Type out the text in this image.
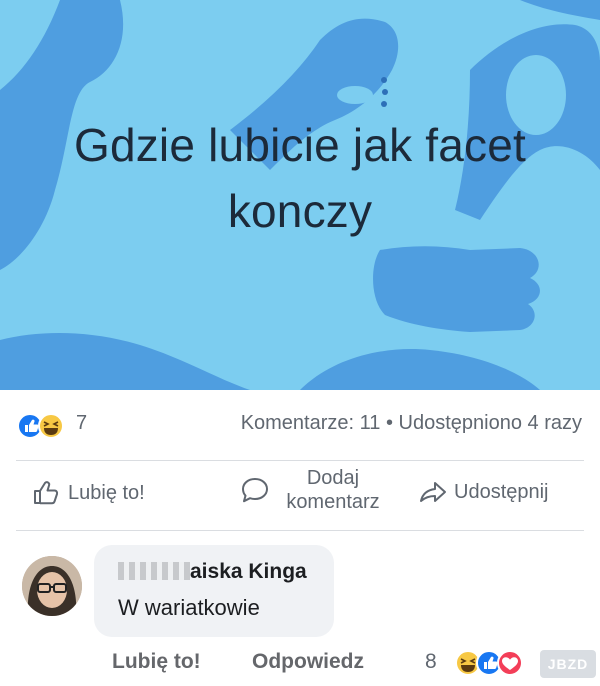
Gdzie lubicie jak facet konczy
7	Komentarze: 11 • Udostępniono 4 razy
Lubię to!
Dodaj komentarz	Udostępnij
aiska Kinga
W wariatkowie
Lubię to! Odpowiedz	8	JBZD
